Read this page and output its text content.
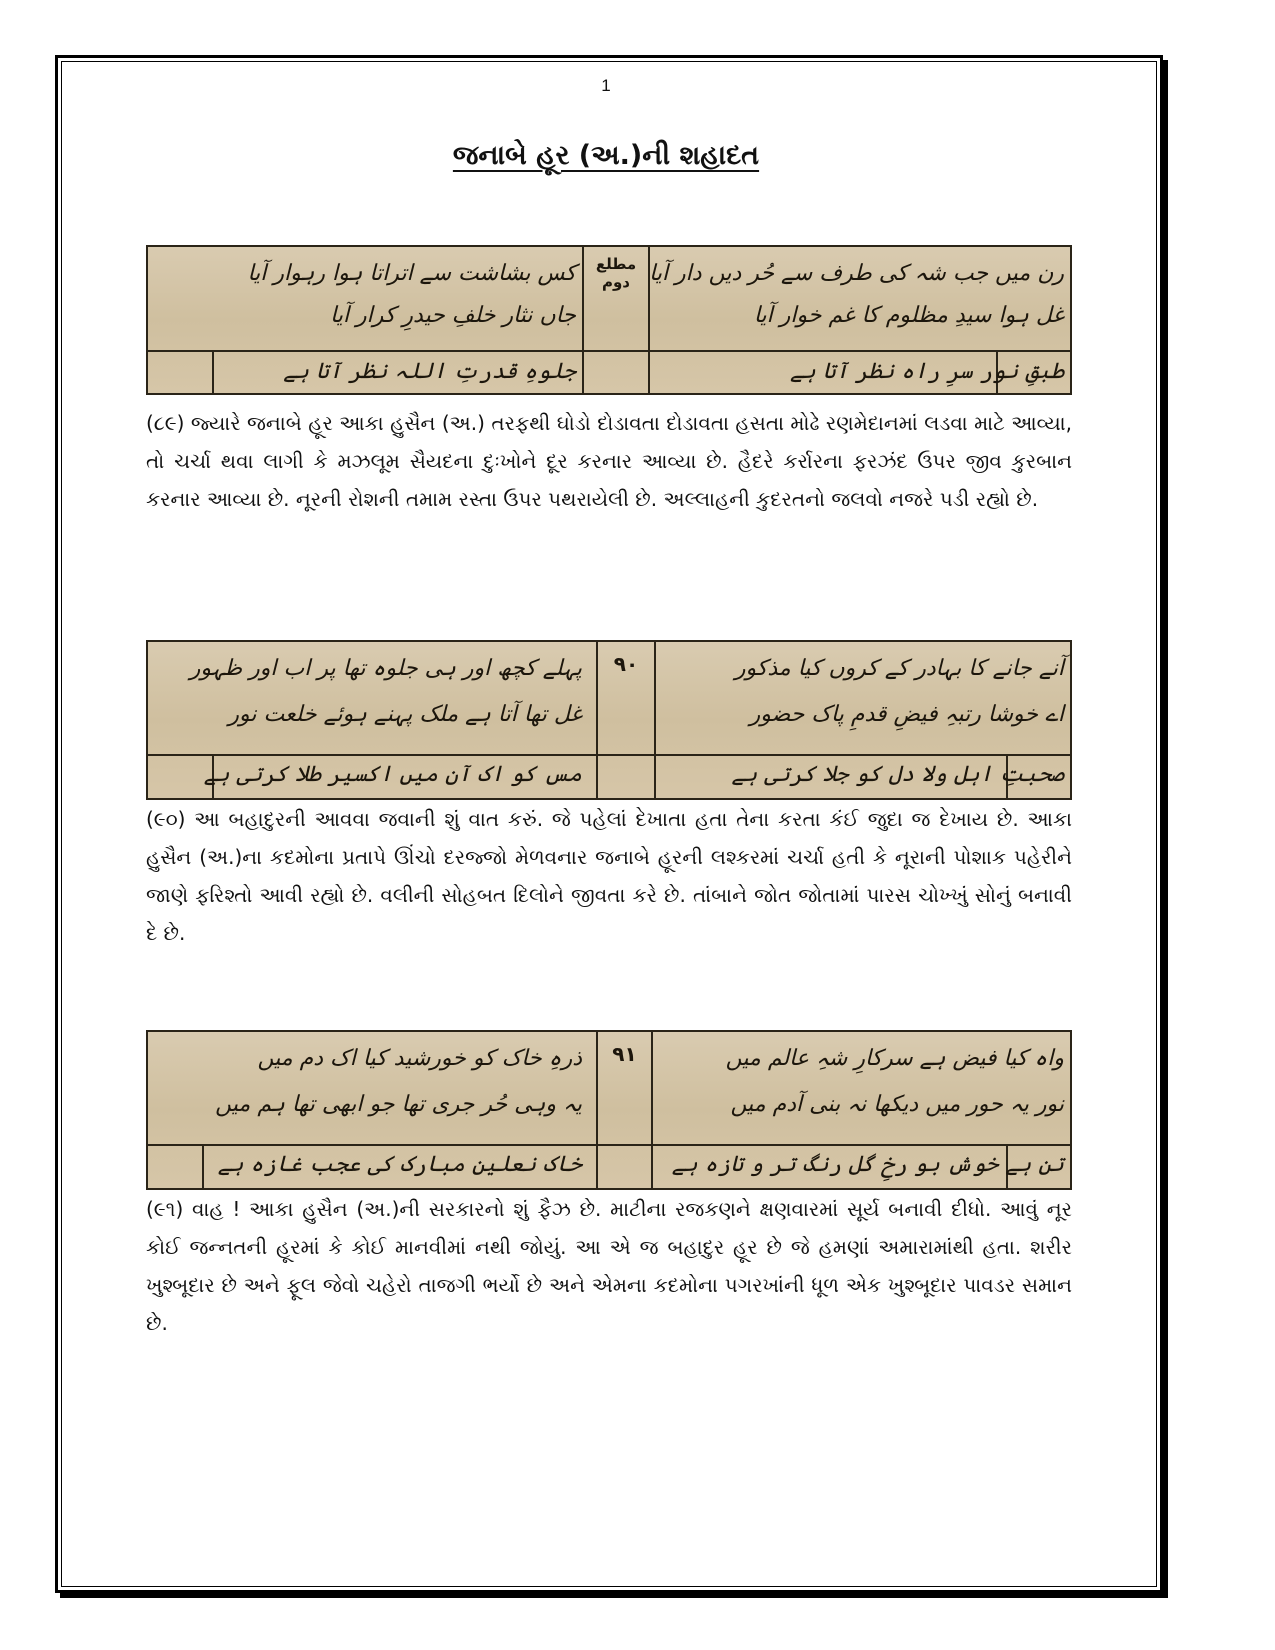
1
જનાબે હૂર (અ.)ની શહાદત
مطلع دوم رن میں جب شہ کی طرف سے حُر دیں دار آیا
غل ہوا سیدِ مظلوم کا غم خوار آیا
کس بشاشت سے اتراتا ہوا رہوار آیا
جاں نثار خلفِ حیدرِ کرار آیا
طبقِ نور سرِ راہ نظر آتا ہے
جلوہِ قدرتِ اللہ نظر آتا ہے
(૮૯) જ્યારે જનાબે હૂર આકા હુસૈન (અ.) તરફથી ઘોડો દોડાવતા દોડાવતા હસતા મોઢે રણમેદાનમાં લડવા માટે આવ્યા, તો ચર્ચા થવા લાગી કે મઝલૂમ સૈયદના દુઃખોને દૂર કરનાર આવ્યા છે. હૈદરે કર્રારના ફરઝંદ ઉપર જીવ કુરબાન કરનાર આવ્યા છે. નૂરની રોશની તમામ રસ્તા ઉપર પથરાયેલી છે. અલ્લાહની કુદરતનો જલવો નજરે પડી રહ્યો છે.
۹۰	آنے جانے کا بہادر کے کروں کیا مذکور
اے خوشا رتبہِ فیضِ قدمِ پاک حضور
پہلے کچھ اور ہی جلوہ تھا پر اب اور ظہور
غل تھا آتا ہے ملک پہنے ہوئے خلعت نور
صحبتِ اہل ولا دل کو جلا کرتی ہے
مس کو اک آن میں اکسیر طلا کرتی ہے
(૯૦) આ બહાદુરની આવવા જવાની શું વાત કરું. જે પહેલાં દેખાતા હતા તેના કરતા કંઈ જુદા જ દેખાય છે. આકા હુસૈન (અ.)ના કદમોના પ્રતાપે ઊંચો દરજ્જો મેળવનાર જનાબે હૂરની લશ્કરમાં ચર્ચા હતી કે નૂરાની પોશાક પહેરીને જાણે ફરિશ્તો આવી રહ્યો છે. વલીની સોહબત દિલોને જીવતા કરે છે. તાંબાને જોત જોતામાં પારસ ચોખ્ખું સોનું બનાવી દે છે.
۹۱	واہ کیا فیض ہے سرکارِ شہِ عالم میں
نور یہ حور میں دیکھا نہ بنی آدم میں
ذرہِ خاک کو خورشید کیا اک دم میں
یہ وہی حُر جری تھا جو ابھی تھا ہم میں
تن ہے خوش بو رخِ گل رنگ تر و تازہ ہے
خاک نعلین مبارک کی عجب غازہ ہے
(૯૧) વાહ ! આકા હુસૈન (અ.)ની સરકારનો શું ફૈઝ છે. માટીના રજકણને ક્ષણવારમાં સૂર્ય બનાવી દીધો. આવું નૂર કોઈ જન્નતની હૂરમાં કે કોઈ માનવીમાં નથી જોયું. આ એ જ બહાદુર હૂર છે જે હમણાં અમારામાંથી હતા. શરીર ખુશ્બૂદાર છે અને ફૂલ જેવો ચહેરો તાજગી ભર્યો છે અને એમના કદમોના પગરખાંની ધૂળ એક ખુશ્બૂદાર પાવડર સમાન છે.
